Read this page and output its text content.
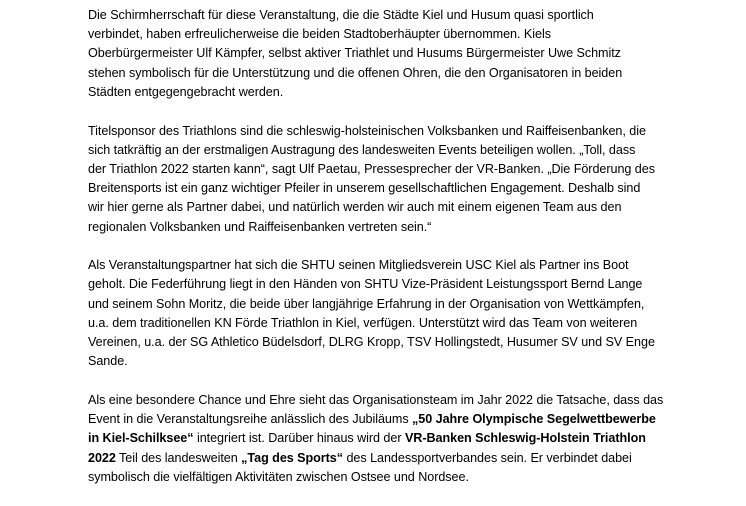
Die Schirmherrschaft für diese Veranstaltung, die die Städte Kiel und Husum quasi sportlich
verbindet, haben erfreulicherweise die beiden Stadtoberhäupter übernommen. Kiels
Oberbürgermeister Ulf Kämpfer, selbst aktiver Triathlet und Husums Bürgermeister Uwe Schmitz
stehen symbolisch für die Unterstützung und die offenen Ohren, die den Organisatoren in beiden
Städten entgegengebracht werden.

Titelsponsor des Triathlons sind die schleswig-holsteinischen Volksbanken und Raiffeisenbanken, die
sich tatkräftig an der erstmaligen Austragung des landesweiten Events beteiligen wollen. „Toll, dass
der Triathlon 2022 starten kann“, sagt Ulf Paetau, Pressesprecher der VR-Banken. „Die Förderung des
Breitensports ist ein ganz wichtiger Pfeiler in unserem gesellschaftlichen Engagement. Deshalb sind
wir hier gerne als Partner dabei, und natürlich werden wir auch mit einem eigenen Team aus den
regionalen Volksbanken und Raiffeisenbanken vertreten sein.“

Als Veranstaltungspartner hat sich die SHTU seinen Mitgliedsverein USC Kiel als Partner ins Boot
geholt. Die Federführung liegt in den Händen von SHTU Vize-Präsident Leistungssport Bernd Lange
und seinem Sohn Moritz, die beide über langjährige Erfahrung in der Organisation von Wettkämpfen,
u.a. dem traditionellen KN Förde Triathlon in Kiel, verfügen. Unterstützt wird das Team von weiteren
Vereinen, u.a. der SG Athletico Büdelsdorf, DLRG Kropp, TSV Hollingstedt, Husumer SV und SV Enge
Sande.

Als eine besondere Chance und Ehre sieht das Organisationsteam im Jahr 2022 die Tatsache, dass das
Event in die Veranstaltungsreihe anlässlich des Jubiläums „50 Jahre Olympische Segelwettbewerbe
in Kiel-Schilksee“ integriert ist. Darüber hinaus wird der VR-Banken Schleswig-Holstein Triathlon
2022 Teil des landesweiten „Tag des Sports“ des Landessportverbandes sein. Er verbindet dabei
symbolisch die vielfältigen Aktivitäten zwischen Ostsee und Nordsee.
